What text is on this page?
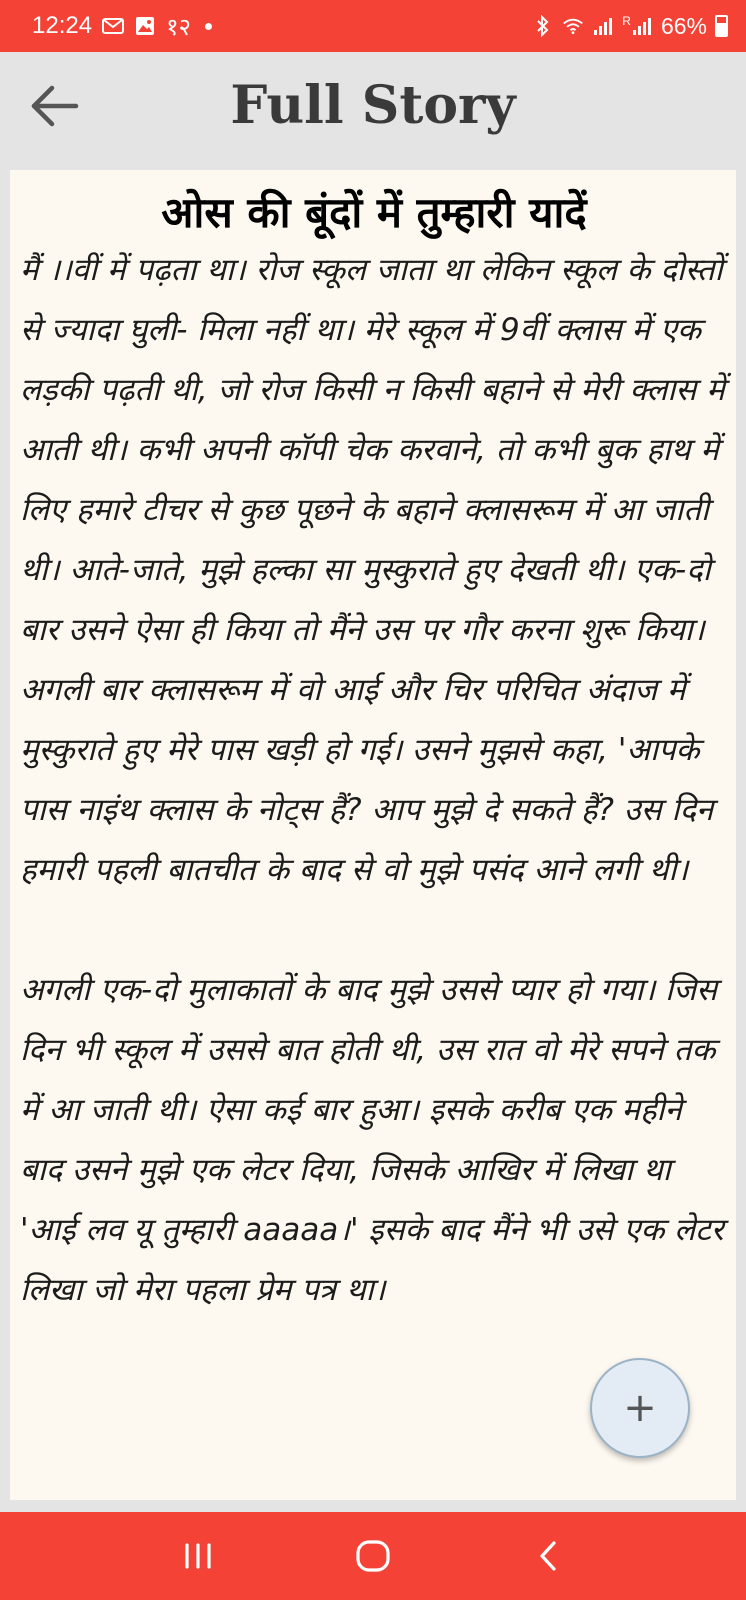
12:24	१२	R 66%
Full Story
ओस की बूंदों में तुम्हारी यादें

मैं ।।वीं में पढ़ता था। रोज स्कूल जाता था लेकिन स्कूल के दोस्तों से ज्यादा घुली- मिला नहीं था। मेरे स्कूल में 9वीं क्लास में एक लड़की पढ़ती थी, जो रोज किसी न किसी बहाने से मेरी क्लास में आती थी। कभी अपनी कॉपी चेक करवाने, तो कभी बुक हाथ में लिए हमारे टीचर से कुछ पूछने के बहाने क्लासरूम में आ जाती थी। आते-जाते, मुझे हल्का सा मुस्कुराते हुए देखती थी। एक-दो बार उसने ऐसा ही किया तो मैंने उस पर गौर करना शुरू किया। अगली बार क्लासरूम में वो आई और चिर परिचित अंदाज में मुस्कुराते हुए मेरे पास खड़ी हो गई। उसने मुझसे कहा, 'आपके पास नाइंथ क्लास के नोट्स हैं? आप मुझे दे सकते हैं? उस दिन हमारी पहली बातचीत के बाद से वो मुझे पसंद आने लगी थी।

अगली एक-दो मुलाकातों के बाद मुझे उससे प्यार हो गया। जिस दिन भी स्कूल में उससे बात होती थी, उस रात वो मेरे सपने तक में आ जाती थी। ऐसा कई बार हुआ। इसके करीब एक महीने बाद उसने मुझे एक लेटर दिया, जिसके आखिर में लिखा था 'आई लव यू तुम्हारी aaaaa।' इसके बाद मैंने भी उसे एक लेटर लिखा जो मेरा पहला प्रेम पत्र था।

+
